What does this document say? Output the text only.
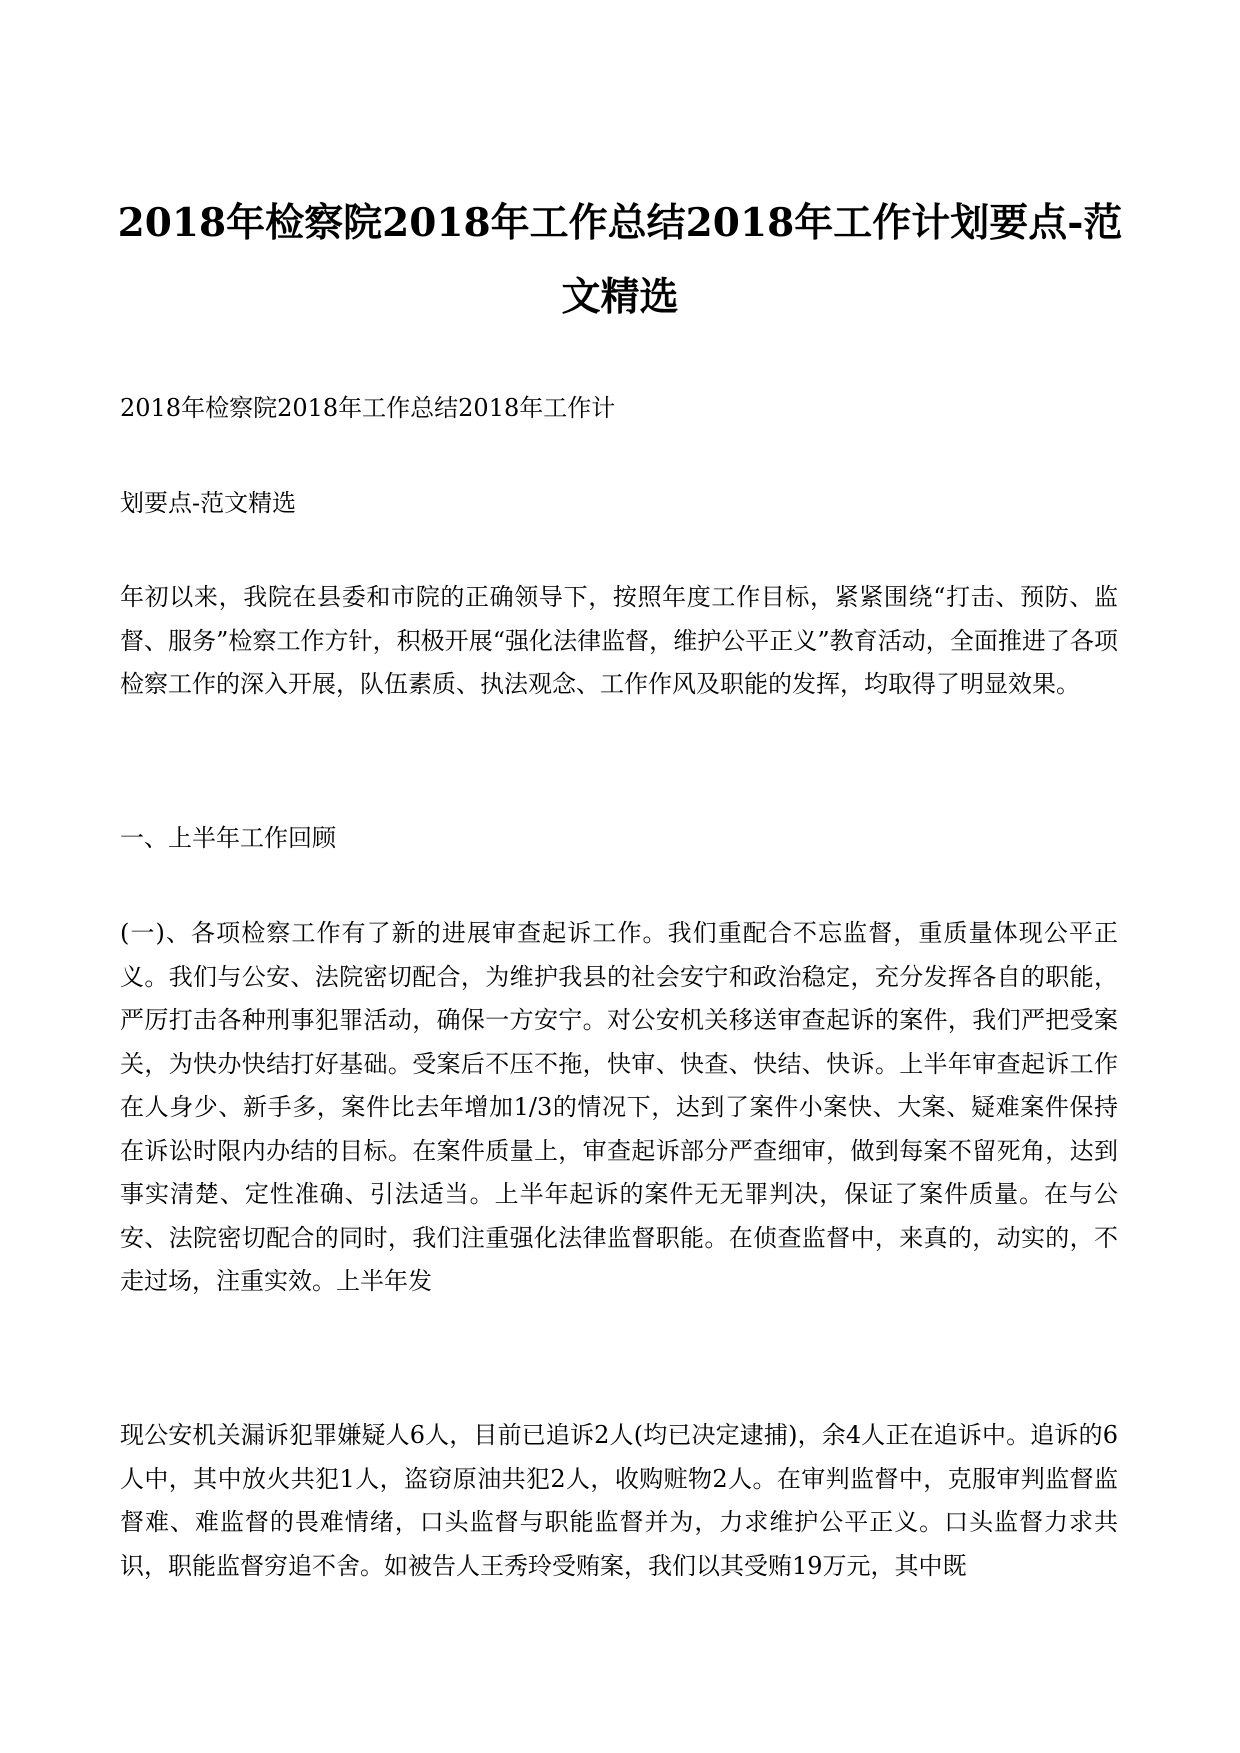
2018年检察院2018年工作总结2018年工作计划要点-范文精选

2018年检察院2018年工作总结2018年工作计

划要点-范文精选

年初以来，我院在县委和市院的正确领导下，按照年度工作目标，紧紧围绕“打击、预防、监督、服务”检察工作方针，积极开展“强化法律监督，维护公平正义”教育活动，全面推进了各项检察工作的深入开展，队伍素质、执法观念、工作作风及职能的发挥，均取得了明显效果。

一、上半年工作回顾

(一)、各项检察工作有了新的进展审查起诉工作。我们重配合不忘监督，重质量体现公平正义。我们与公安、法院密切配合，为维护我县的社会安宁和政治稳定，充分发挥各自的职能，严厉打击各种刑事犯罪活动，确保一方安宁。对公安机关移送审查起诉的案件，我们严把受案关，为快办快结打好基础。受案后不压不拖，快审、快查、快结、快诉。上半年审查起诉工作在人身少、新手多，案件比去年增加1/3的情况下，达到了案件小案快、大案、疑难案件保持在诉讼时限内办结的目标。在案件质量上，审查起诉部分严查细审，做到每案不留死角，达到事实清楚、定性准确、引法适当。上半年起诉的案件无无罪判决，保证了案件质量。在与公安、法院密切配合的同时，我们注重强化法律监督职能。在侦查监督中，来真的，动实的，不走过场，注重实效。上半年发

现公安机关漏诉犯罪嫌疑人6人，目前已追诉2人(均已决定逮捕)，余4人正在追诉中。追诉的6人中，其中放火共犯1人，盗窃原油共犯2人，收购赃物2人。在审判监督中，克服审判监督监督难、难监督的畏难情绪，口头监督与职能监督并为，力求维护公平正义。口头监督力求共识，职能监督穷追不舍。如被告人王秀玲受贿案，我们以其受贿19万元，其中既
